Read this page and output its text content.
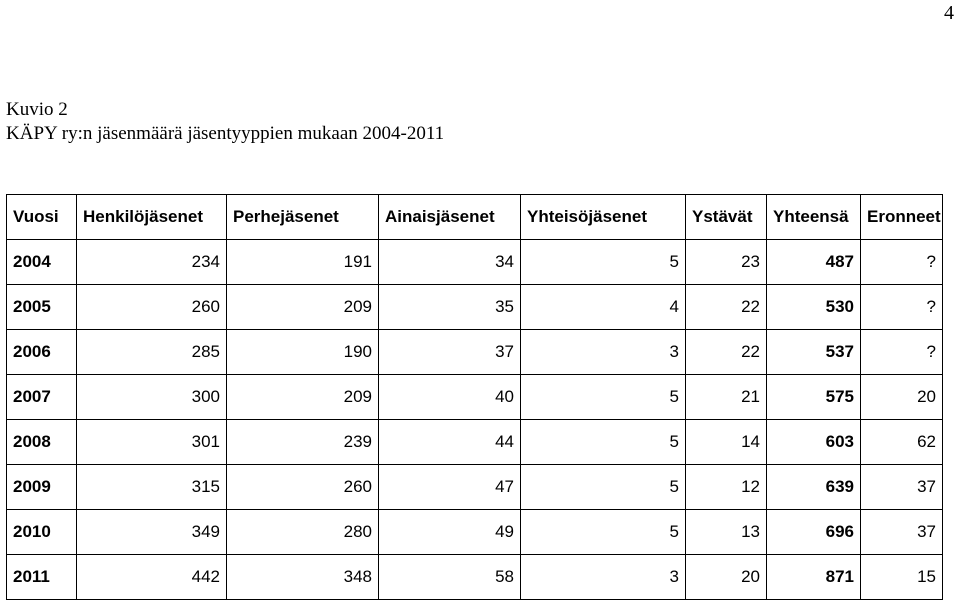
4
Kuvio 2
KÄPY ry:n jäsenmäärä jäsentyyppien mukaan 2004-2011
Vuosi	Henkilöjäsenet	Perhejäsenet	Ainaisjäsenet	Yhteisöjäsenet	Ystävät	Yhteensä	Eronneet
2004	234	191	34	5	23	487	?
2005	260	209	35	4	22	530	?
2006	285	190	37	3	22	537	?
2007	300	209	40	5	21	575	20
2008	301	239	44	5	14	603	62
2009	315	260	47	5	12	639	37
2010	349	280	49	5	13	696	37
2011	442	348	58	3	20	871	15
